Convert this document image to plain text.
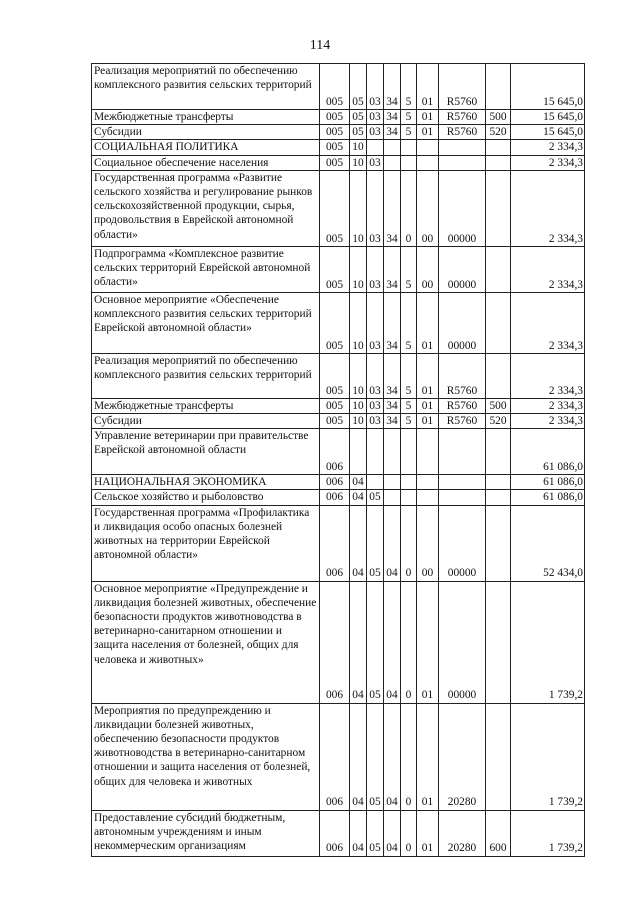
114
Реализация мероприятий по обеспечению комплексного развития сельских территорий	005	05	03	34	5	01	R5760		15 645,0
Межбюджетные трансферты	005	05	03	34	5	01	R5760	500	15 645,0
Субсидии	005	05	03	34	5	01	R5760	520	15 645,0
СОЦИАЛЬНАЯ ПОЛИТИКА	005	10							2 334,3
Социальное обеспечение населения	005	10	03						2 334,3
Государственная программа «Развитие сельского хозяйства и регулирование рынков сельскохозяйственной продукции, сырья, продовольствия в Еврейской автономной области»	005	10	03	34	0	00	00000		2 334,3
Подпрограмма «Комплексное развитие сельских территорий Еврейской автономной области»	005	10	03	34	5	00	00000		2 334,3
Основное мероприятие «Обеспечение комплексного развития сельских территорий Еврейской автономной области»	005	10	03	34	5	01	00000		2 334,3
Реализация мероприятий по обеспечению комплексного развития сельских территорий	005	10	03	34	5	01	R5760		2 334,3
Межбюджетные трансферты	005	10	03	34	5	01	R5760	500	2 334,3
Субсидии	005	10	03	34	5	01	R5760	520	2 334,3
Управление ветеринарии при правительстве Еврейской автономной области	006								61 086,0
НАЦИОНАЛЬНАЯ ЭКОНОМИКА	006	04							61 086,0
Сельское хозяйство и рыболовство	006	04	05						61 086,0
Государственная программа «Профилактика и ликвидация особо опасных болезней животных на территории Еврейской автономной области»	006	04	05	04	0	00	00000		52 434,0
Основное мероприятие «Предупреждение и ликвидация болезней животных, обеспечение безопасности продуктов животноводства в ветеринарно-санитарном отношении и защита населения от болезней, общих для человека и животных»	006	04	05	04	0	01	00000		1 739,2
Мероприятия по предупреждению и ликвидации болезней животных, обеспечению безопасности продуктов животноводства в ветеринарно-санитарном отношении и защита населения от болезней, общих для человека и животных	006	04	05	04	0	01	20280		1 739,2
Предоставление субсидий бюджетным, автономным учреждениям и иным некоммерческим организациям	006	04	05	04	0	01	20280	600	1 739,2
